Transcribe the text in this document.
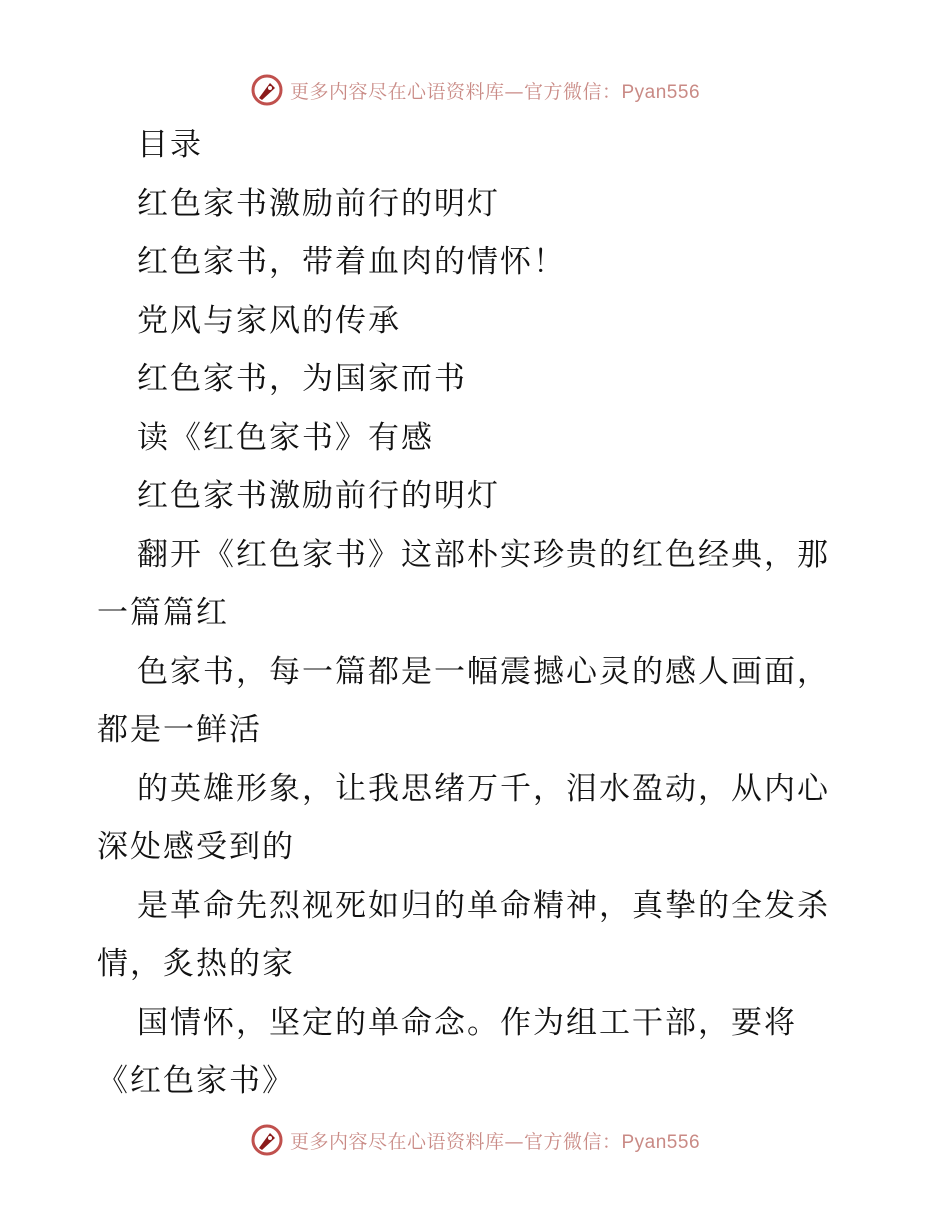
更多内容尽在心语资料库—官方微信：Pyan556
目录
红色家书激励前行的明灯
红色家书，带着血肉的情怀！
党风与家风的传承
红色家书，为国家而书
读《红色家书》有感
红色家书激励前行的明灯
翻开《红色家书》这部朴实珍贵的红色经典，那
一篇篇红
色家书，每一篇都是一幅震撼心灵的感人画面，
都是一鲜活
的英雄形象，让我思绪万千，泪水盈动，从内心
深处感受到的
是革命先烈视死如归的单命精神，真挚的全发杀
情，炙热的家
国情怀，坚定的单命念。作为组工干部，要将
《红色家书》
更多内容尽在心语资料库—官方微信：Pyan556
